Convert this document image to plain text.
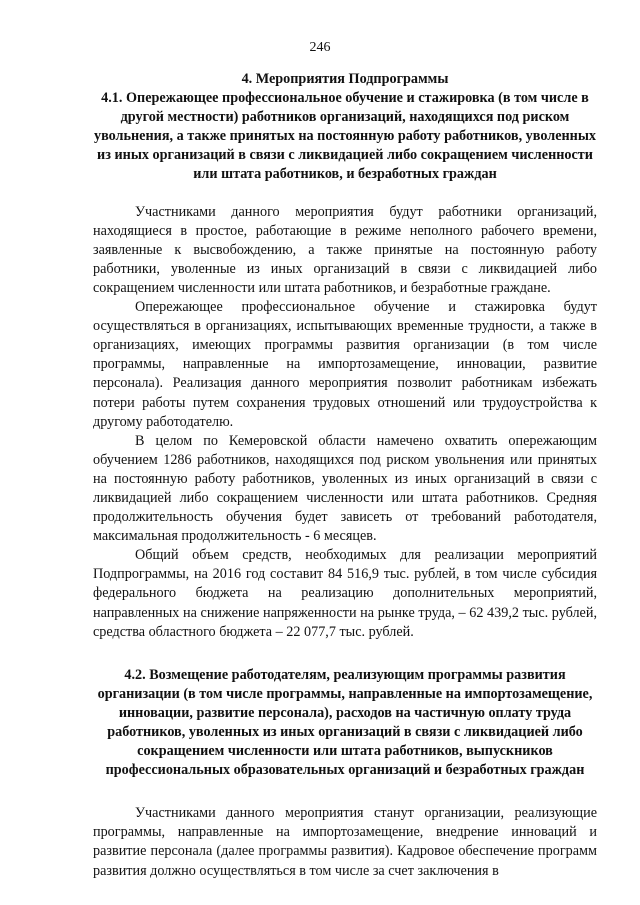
246

4. Мероприятия Подпрограммы

4.1. Опережающее профессиональное обучение и стажировка (в том числе в другой местности) работников организаций, находящихся под риском увольнения, а также принятых на постоянную работу работников, уволенных из иных организаций в связи с ликвидацией либо сокращением численности или штата работников, и безработных граждан

Участниками данного мероприятия будут работники организаций, находящиеся в простое, работающие в режиме неполного рабочего времени, заявленные к высвобождению, а также принятые на постоянную работу работники, уволенные из иных организаций в связи с ликвидацией либо сокращением численности или штата работников, и безработные граждане.

Опережающее профессиональное обучение и стажировка будут осуществляться в организациях, испытывающих временные трудности, а также в организациях, имеющих программы развития организации (в том числе программы, направленные на импортозамещение, инновации, развитие персонала). Реализация данного мероприятия позволит работникам избежать потери работы путем сохранения трудовых отношений или трудоустройства к другому работодателю.

В целом по Кемеровской области намечено охватить опережающим обучением 1286 работников, находящихся под риском увольнения или принятых на постоянную работу работников, уволенных из иных организаций в связи с ликвидацией либо сокращением численности или штата работников. Средняя продолжительность обучения будет зависеть от требований работодателя, максимальная продолжительность - 6 месяцев.

Общий объем средств, необходимых для реализации мероприятий Подпрограммы, на 2016 год составит 84 516,9 тыс. рублей, в том числе субсидия федерального бюджета на реализацию дополнительных мероприятий, направленных на снижение напряженности на рынке труда, – 62 439,2 тыс. рублей, средства областного бюджета – 22 077,7 тыс. рублей.

4.2. Возмещение работодателям, реализующим программы развития организации (в том числе программы, направленные на импортозамещение, инновации, развитие персонала), расходов на частичную оплату труда работников, уволенных из иных организаций в связи с ликвидацией либо сокращением численности или штата работников, выпускников профессиональных образовательных организаций и безработных граждан

Участниками данного мероприятия станут организации, реализующие программы, направленные на импортозамещение, внедрение инноваций и развитие персонала (далее программы развития). Кадровое обеспечение программ развития должно осуществляться в том числе за счет заключения в
